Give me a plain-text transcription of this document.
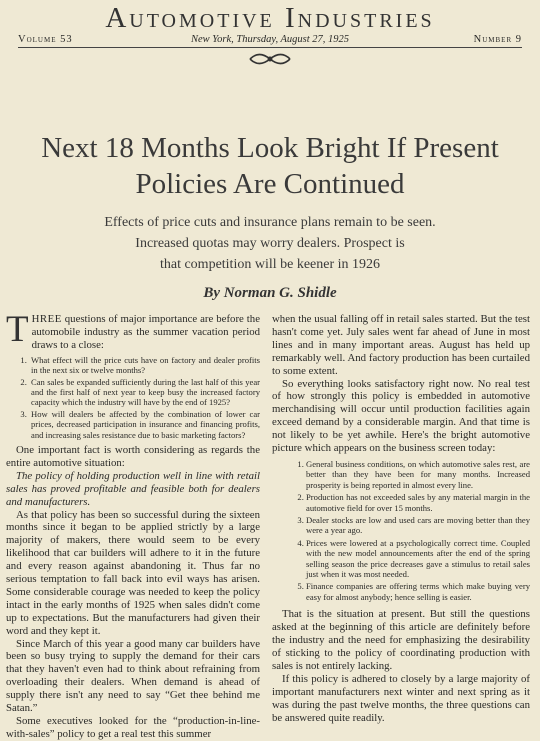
Automotive Industries
Volume 53	New York, Thursday, August 27, 1925	Number 9
Next 18 Months Look Bright If Present
Policies Are Continued
Effects of price cuts and insurance plans remain to be seen.
Increased quotas may worry dealers. Prospect is
that competition will be keener in 1926
By Norman G. Shidle

THREE questions of major importance are before the automobile industry as the summer vacation period draws to a close:

1. What effect will the price cuts have on factory and dealer profits in the next six or twelve months?
2. Can sales be expanded sufficiently during the last half of this year and the first half of next year to keep busy the increased factory capacity which the industry will have by the end of 1925?
3. How will dealers be affected by the combination of lower car prices, decreased participation in insurance and financing profits, and increasing sales resistance due to basic marketing factors?

One important fact is worth considering as regards the entire automotive situation:

The policy of holding production well in line with retail sales has proved profitable and feasible both for dealers and manufacturers.

As that policy has been so successful during the sixteen months since it began to be applied strictly by a large majority of makers, there would seem to be every likelihood that car builders will adhere to it in the future and every reason against abandoning it. Thus far no serious temptation to fall back into evil ways has arisen. Some considerable courage was needed to keep the policy intact in the early months of 1925 when sales didn't come up to expectations. But the manufacturers had given their word and they kept it.

Since March of this year a good many car builders have been so busy trying to supply the demand for their cars that they haven't even had to think about refraining from overloading their dealers. When demand is ahead of supply there isn't any need to say “Get thee behind me Satan.”

Some executives looked for the “production-in-line-with-sales” policy to get a real test this summer

when the usual falling off in retail sales started. But the test hasn't come yet. July sales went far ahead of June in most lines and in many important areas. August has held up remarkably well. And factory production has been curtailed to some extent.

So everything looks satisfactory right now. No real test of how strongly this policy is embedded in automotive merchandising will occur until production facilities again exceed demand by a considerable margin. And that time is not likely to be yet awhile. Here's the bright automotive picture which appears on the business screen today:

1. General business conditions, on which automotive sales rest, are better than they have been for many months. Increased prosperity is being reported in almost every line.
2. Production has not exceeded sales by any material margin in the automotive field for over 15 months.
3. Dealer stocks are low and used cars are moving better than they were a year ago.
4. Prices were lowered at a psychologically correct time. Coupled with the new model announcements after the end of the spring selling season the price decreases gave a stimulus to retail sales just when it was most needed.
5. Finance companies are offering terms which make buying very easy for almost anybody; hence selling is easier.

That is the situation at present. But still the questions asked at the beginning of this article are definitely before the industry and the need for emphasizing the desirability of sticking to the policy of coordinating production with sales is not entirely lacking.

If this policy is adhered to closely by a large majority of important manufacturers next winter and next spring as it was during the past twelve months, the three questions can be answered quite readily.
